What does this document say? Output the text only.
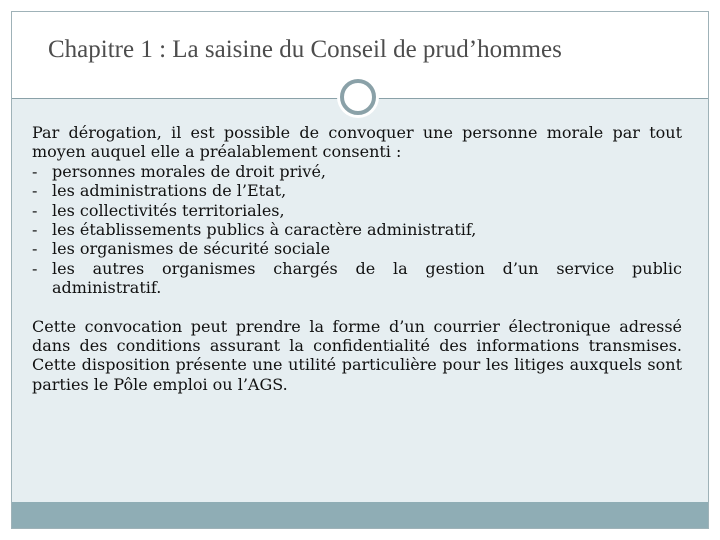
Chapitre 1 : La saisine du Conseil de prud’hommes

Par dérogation, il est possible de convoquer une personne morale par tout moyen auquel elle a préalablement consenti :

- personnes morales de droit privé,
- les administrations de l’Etat,
- les collectivités territoriales,
- les établissements publics à caractère administratif,
- les organismes de sécurité sociale
- les autres organismes chargés de la gestion d’un service public administratif.

Cette convocation peut prendre la forme d’un courrier électronique adressé dans des conditions assurant la confidentialité des informations transmises. Cette disposition présente une utilité particulière pour les litiges auxquels sont parties le Pôle emploi ou l’AGS.
